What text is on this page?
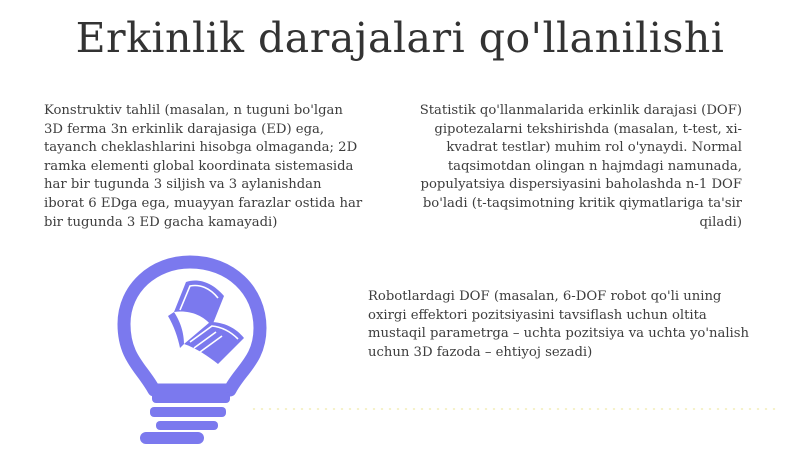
Erkinlik darajalari qo'llanilishi

Konstruktiv tahlil (masalan, n tuguni bo'lgan 3D ferma 3n erkinlik darajasiga (ED) ega, tayanch cheklashlarini hisobga olmaganda; 2D ramka elementi global koordinata sistemasida har bir tugunda 3 siljish va 3 aylanishdan iborat 6 EDga ega, muayyan farazlar ostida har bir tugunda 3 ED gacha kamayadi)

Statistik qo'llanmalarida erkinlik darajasi (DOF) gipotezalarni tekshirishda (masalan, t-test, xi-kvadrat testlar) muhim rol o'ynaydi. Normal taqsimotdan olingan n hajmdagi namunada, populyatsiya dispersiyasini baholashda n-1 DOF bo'ladi (t-taqsimotning kritik qiymatlariga ta'sir qiladi)

Robotlardagi DOF (masalan, 6-DOF robot qo'li uning oxirgi effektori pozitsiyasini tavsiflash uchun oltita mustaqil parametrga – uchta pozitsiya va uchta yo'nalish uchun 3D fazoda – ehtiyoj sezadi)
